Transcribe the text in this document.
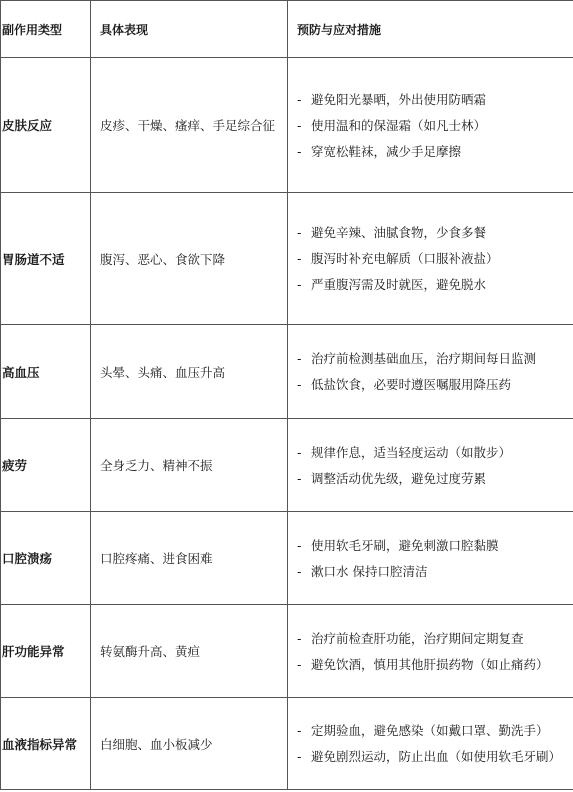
副作用类型	具体表现	预防与应对措施
皮肤反应	皮疹、干燥、瘙痒、手足综合征	- 避免阳光暴晒，外出使用防晒霜
- 使用温和的保湿霜（如凡士林）
- 穿宽松鞋袜，减少手足摩擦

胃肠道不适	腹泻、恶心、食欲下降	- 避免辛辣、油腻食物，少食多餐
- 腹泻时补充电解质（口服补液盐）
- 严重腹泻需及时就医，避免脱水

高血压	头晕、头痛、血压升高	- 治疗前检测基础血压，治疗期间每日监测
- 低盐饮食，必要时遵医嘱服用降压药

疲劳	全身乏力、精神不振	- 规律作息，适当轻度运动（如散步）
- 调整活动优先级，避免过度劳累

口腔溃疡	口腔疼痛、进食困难	- 使用软毛牙刷，避免刺激口腔黏膜
- 漱口水 保持口腔清洁

肝功能异常	转氨酶升高、黄疸	- 治疗前检查肝功能，治疗期间定期复查
- 避免饮酒，慎用其他肝损药物（如止痛药）

血液指标异常	白细胞、血小板减少	- 定期验血，避免感染（如戴口罩、勤洗手）
- 避免剧烈运动，防止出血（如使用软毛牙刷）
